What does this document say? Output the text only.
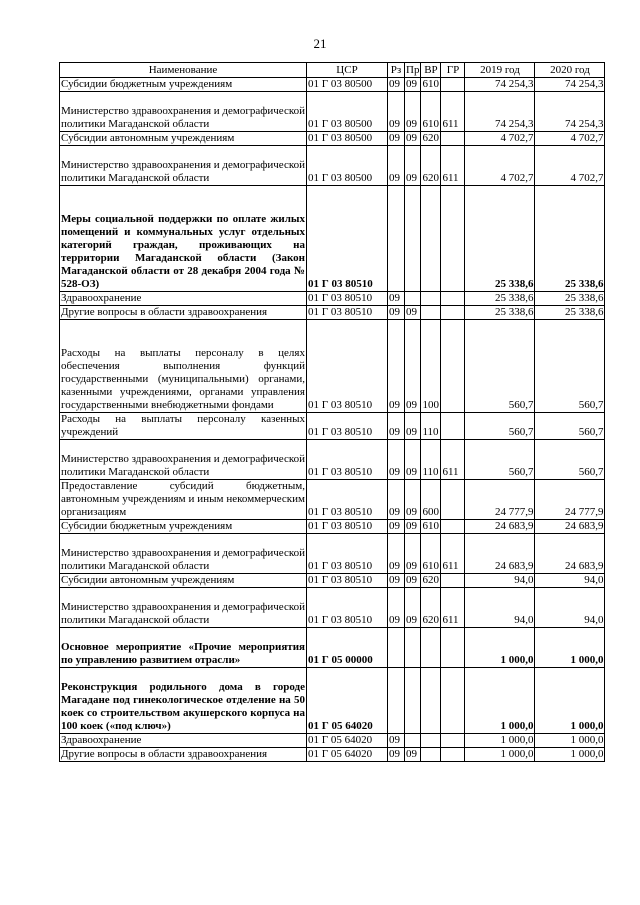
21
Наименование	ЦСР	Рз	Пр	ВР	ГР	2019 год	2020 год
Субсидии бюджетным учреждениям	01 Г 03 80500	09	09	610		74 254,3	74 254,3
Министерство здравоохранения и демографической политики Магаданской области	01 Г 03 80500	09	09	610	611	74 254,3	74 254,3
Субсидии автономным учреждениям	01 Г 03 80500	09	09	620		4 702,7	4 702,7
Министерство здравоохранения и демографической политики Магаданской области	01 Г 03 80500	09	09	620	611	4 702,7	4 702,7
Меры социальной поддержки по оплате жилых помещений и коммунальных услуг отдельных категорий граждан, проживающих на территории Магаданской области (Закон Магаданской области от 28 декабря 2004 года № 528-ОЗ)	01 Г 03 80510					25 338,6	25 338,6
Здравоохранение	01 Г 03 80510	09				25 338,6	25 338,6
Другие вопросы в области здравоохранения	01 Г 03 80510	09	09			25 338,6	25 338,6
Расходы на выплаты персоналу в целях обеспечения выполнения функций государственными (муниципальными) органами, казенными учреждениями, органами управления государственными внебюджетными фондами	01 Г 03 80510	09	09	100		560,7	560,7
Расходы на выплаты персоналу казенных учреждений	01 Г 03 80510	09	09	110		560,7	560,7
Министерство здравоохранения и демографической политики Магаданской области	01 Г 03 80510	09	09	110	611	560,7	560,7
Предоставление субсидий бюджетным, автономным учреждениям и иным некоммерческим организациям	01 Г 03 80510	09	09	600		24 777,9	24 777,9
Субсидии бюджетным учреждениям	01 Г 03 80510	09	09	610		24 683,9	24 683,9
Министерство здравоохранения и демографической политики Магаданской области	01 Г 03 80510	09	09	610	611	24 683,9	24 683,9
Субсидии автономным учреждениям	01 Г 03 80510	09	09	620		94,0	94,0
Министерство здравоохранения и демографической политики Магаданской области	01 Г 03 80510	09	09	620	611	94,0	94,0
Основное мероприятие «Прочие мероприятия по управлению развитием отрасли»	01 Г 05 00000					1 000,0	1 000,0
Реконструкция родильного дома в городе Магадане под гинекологическое отделение на 50 коек со строительством акушерского корпуса на 100 коек («под ключ»)	01 Г 05 64020					1 000,0	1 000,0
Здравоохранение	01 Г 05 64020	09				1 000,0	1 000,0
Другие вопросы в области здравоохранения	01 Г 05 64020	09	09			1 000,0	1 000,0
